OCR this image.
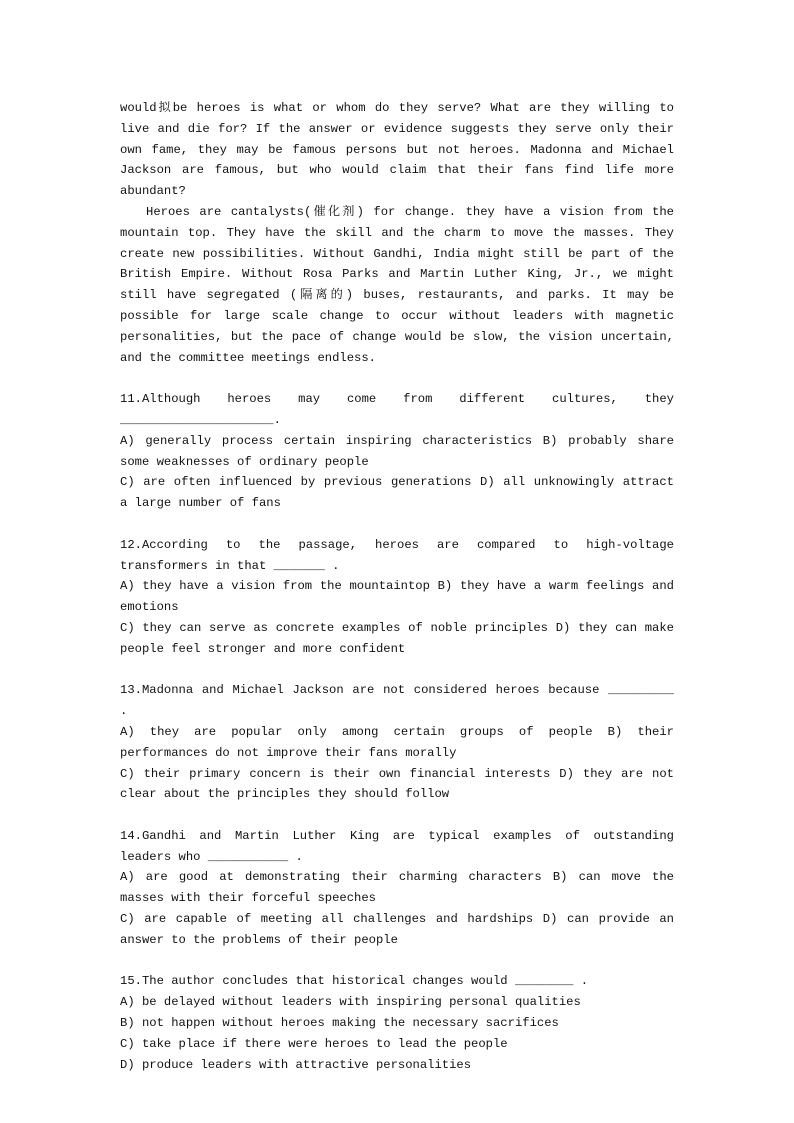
would拟be heroes is what or whom do they serve? What are they willing to live and die for? If the answer or evidence suggests they serve only their own fame, they may be famous persons but not heroes. Madonna and Michael Jackson are famous, but who would claim that their fans find life more abundant?

Heroes are cantalysts(催化剂) for change. they have a vision from the mountain top. They have the skill and the charm to move the masses. They create new possibilities. Without Gandhi, India might still be part of the British Empire. Without Rosa Parks and Martin Luther King, Jr., we might still have segregated (隔离的) buses, restaurants, and parks. It may be possible for large scale change to occur without leaders with magnetic personalities, but the pace of change would be slow, the vision uncertain, and the committee meetings endless.

11.Although heroes may come from different cultures, they _____________________.

A) generally process certain inspiring characteristics B) probably share some weaknesses of ordinary people

C) are often influenced by previous generations D) all unknowingly attract a large number of fans

12.According to the passage, heroes are compared to high-voltage transformers in that _______ .

A) they have a vision from the mountaintop B) they have a warm feelings and emotions

C) they can serve as concrete examples of noble principles D) they can make people feel stronger and more confident

13.Madonna and Michael Jackson are not considered heroes because _________ .

A) they are popular only among certain groups of people B) their performances do not improve their fans morally

C) their primary concern is their own financial interests D) they are not clear about the principles they should follow

14.Gandhi and Martin Luther King are typical examples of outstanding leaders who ___________ .

A) are good at demonstrating their charming characters B) can move the masses with their forceful speeches

C) are capable of meeting all challenges and hardships D) can provide an answer to the problems of their people

15.The author concludes that historical changes would ________ .

A) be delayed without leaders with inspiring personal qualities

B) not happen without heroes making the necessary sacrifices

C) take place if there were heroes to lead the people

D) produce leaders with attractive personalities
